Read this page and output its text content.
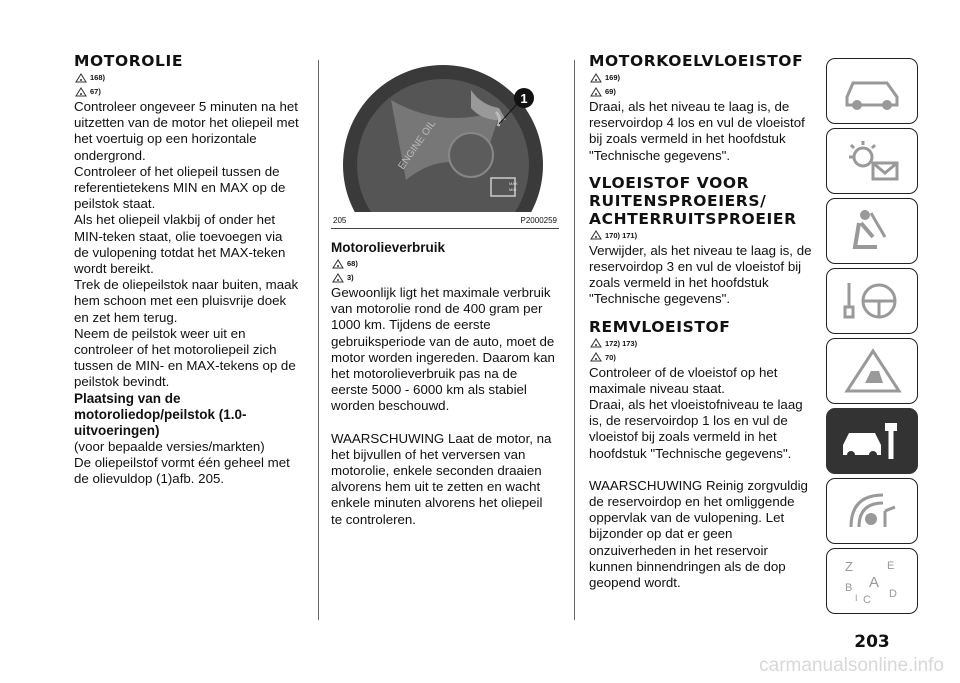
MOTOROLIE
168)
67)

Controleer ongeveer 5 minuten na het uitzetten van de motor het oliepeil met het voertuig op een horizontale ondergrond.

Controleer of het oliepeil tussen de referentietekens MIN en MAX op de peilstok staat.

Als het oliepeil vlakbij of onder het MIN-teken staat, olie toevoegen via de vulopening totdat het MAX-teken wordt bereikt.

Trek de oliepeilstok naar buiten, maak hem schoon met een pluisvrije doek en zet hem terug.

Neem de peilstok weer uit en controleer of het motoroliepeil zich tussen de MIN- en MAX-tekens op de peilstok bevindt.

Plaatsing van de motoroliedop/peilstok (1.0-uitvoeringen)

(voor bepaalde versies/markten)

De oliepeilstof vormt één geheel met de olievuldop (1)afb. 205.

ENGINE OIL
MAX
MIN
1
205	P2000259
Motorolieverbruik
68)
3)

Gewoonlijk ligt het maximale verbruik van motorolie rond de 400 gram per 1000 km. Tijdens de eerste gebruiksperiode van de auto, moet de motor worden ingereden. Daarom kan het motorolieverbruik pas na de eerste 5000 - 6000 km als stabiel worden beschouwd.

WAARSCHUWING Laat de motor, na het bijvullen of het verversen van motorolie, enkele seconden draaien alvorens hem uit te zetten en wacht enkele minuten alvorens het oliepeil te controleren.

MOTORKOELVLOEISTOF
169)
69)

Draai, als het niveau te laag is, de reservoirdop 4 los en vul de vloeistof bij zoals vermeld in het hoofdstuk "Technische gegevens".

VLOEISTOF VOOR RUITENSPROEIERS/ ACHTERRUITSPROEIER
170) 171)

Verwijder, als het niveau te laag is, de reservoirdop 3 en vul de vloeistof bij zoals vermeld in het hoofdstuk "Technische gegevens".

REMVLOEISTOF
172) 173)
70)

Controleer of de vloeistof op het maximale niveau staat.

Draai, als het vloeistofniveau te laag is, de reservoirdop 1 los en vul de vloeistof bij zoals vermeld in het hoofdstuk "Technische gegevens".

WAARSCHUWING Reinig zorgvuldig de reservoirdop en het omliggende oppervlak van de vulopening. Let bijzonder op dat er geen onzuiverheden in het reservoir kunnen binnendringen als de dop geopend wordt.

Z	E
A
B
C D
I
203
carmanualsonline.info
